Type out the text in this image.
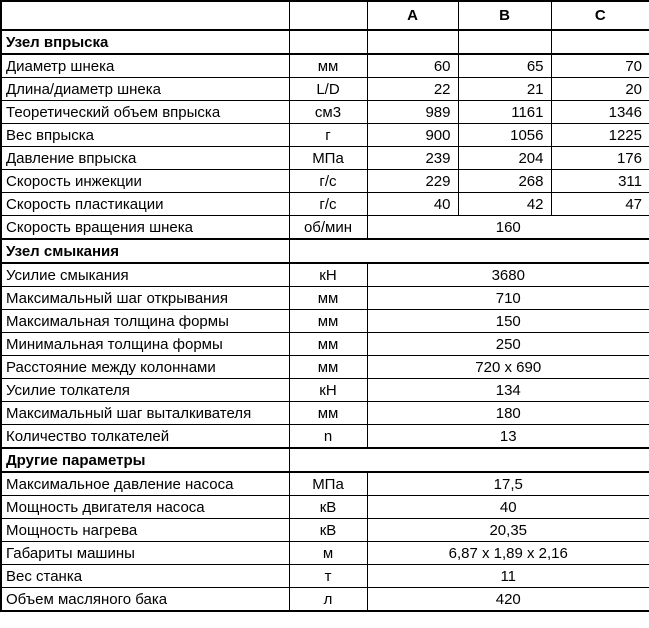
		A	B	C
Узел впрыска				
Диаметр шнека	мм	60	65	70
Длина/диаметр шнека	L/D	22	21	20
Теоретический объем впрыска	см3	989	1161	1346
Вес впрыска	г	900	1056	1225
Давление впрыска	МПа	239	204	176
Скорость инжекции	г/с	229	268	311
Скорость пластикации	г/с	40	42	47
Скорость вращения шнека	об/мин	160		
Узел смыкания				
Усилие смыкания	кН	3680		
Максимальный шаг открывания	мм	710		
Максимальная толщина формы	мм	150		
Минимальная толщина формы	мм	250		
Расстояние между колоннами	мм	720 x 690		
Усилие толкателя	кН	134		
Максимальный шаг выталкивателя	мм	180		
Количество толкателей	n	13		
Другие параметры				
Максимальное давление насоса	МПа	17,5		
Мощность двигателя насоса	кВ	40		
Мощность нагрева	кВ	20,35		
Габариты машины	м	6,87 x 1,89 x 2,16		
Вес станка	т	11		
Объем масляного бака	л	420		
